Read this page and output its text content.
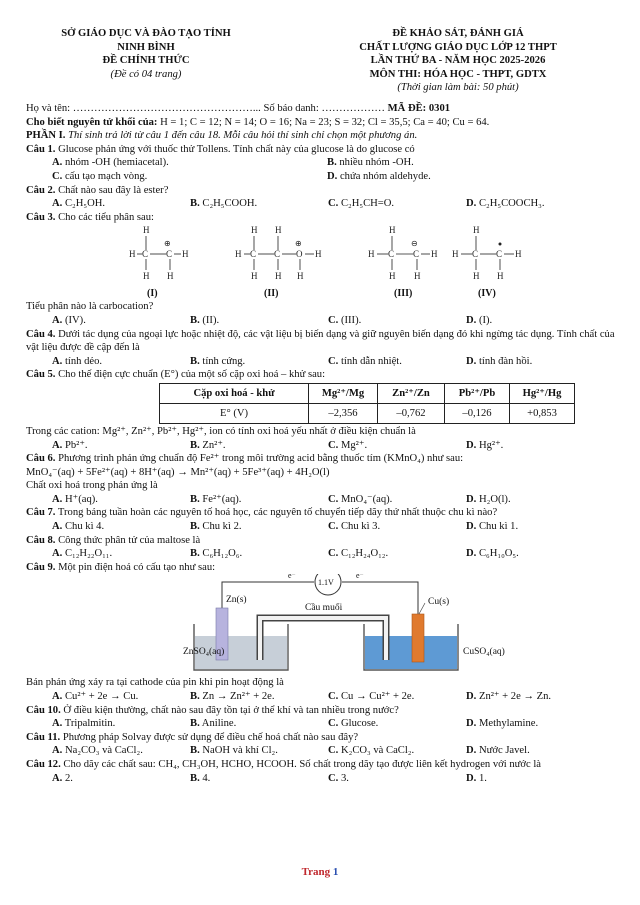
SỞ GIÁO DỤC VÀ ĐÀO TẠO TỈNH
NINH BÌNH
ĐỀ CHÍNH THỨC
(Đề có 04 trang)
ĐỀ KHẢO SÁT, ĐÁNH GIÁ
CHẤT LƯỢNG GIÁO DỤC LỚP 12 THPT
LẦN THỨ BA - NĂM HỌC 2025-2026
MÔN THI: HÓA HỌC - THPT, GDTX
(Thời gian làm bài: 50 phút)
Họ và tên: ……………………………………………... Số báo danh: ……………… MÃ ĐỀ: 0301
Cho biết nguyên tử khối của: H = 1; C = 12; N = 14; O = 16; Na = 23; S = 32; Cl = 35,5; Ca = 40; Cu = 64.
PHẦN I. Thí sinh trả lời từ câu 1 đến câu 18. Mỗi câu hỏi thí sinh chỉ chọn một phương án.
Câu 1. Glucose phản ứng với thuốc thử Tollens. Tính chất này của glucose là do glucose có
A. nhóm -OH (hemiacetal).	B. nhiều nhóm -OH.
C. cấu tạo mạch vòng.	D. chứa nhóm aldehyde.
Câu 2. Chất nào sau đây là ester?
A. C₂H₅OH.	B. C₂H₅COOH.	C. C₂H₅CH=O.	D. C₂H₅COOCH₃.
Câu 3. Cho các tiểu phân sau:
H
H C
⊕
C H
H H
H H
H C C
⊕
O H
H H H
H
H C
⊖
C H
H H
H
H C C H
H H
(I)	(II)	(III)	(IV)
Tiểu phân nào là carbocation?
A. (IV).	B. (II).	C. (III).	D. (I).
Câu 4. Dưới tác dụng của ngoại lực hoặc nhiệt độ, các vật liệu bị biến dạng và giữ nguyên biến dạng đó khi ngừng tác dụng. Tính chất của vật liệu được đề cập đến là
A. tính dẻo.	B. tính cứng.	C. tính dẫn nhiệt.	D. tính đàn hồi.
Câu 5. Cho thế điện cực chuẩn (E°) của một số cặp oxi hoá – khử sau:
Cặp oxi hoá - khử	Mg²⁺/Mg	Zn²⁺/Zn	Pb²⁺/Pb	Hg²⁺/Hg
E° (V)	–2,356	–0,762	–0,126	+0,853
Trong các cation: Mg²⁺, Zn²⁺, Pb²⁺, Hg²⁺, ion có tính oxi hoá yếu nhất ở điều kiện chuẩn là
A. Pb²⁺.	B. Zn²⁺.	C. Mg²⁺.	D. Hg²⁺.
Câu 6. Phương trình phản ứng chuẩn độ Fe²⁺ trong môi trường acid bằng thuốc tím (KMnO₄) như sau:
MnO₄⁻(aq) + 5Fe²⁺(aq) + 8H⁺(aq) → Mn²⁺(aq) + 5Fe³⁺(aq) + 4H₂O(l)
Chất oxi hoá trong phản ứng là
A. H⁺(aq).	B. Fe²⁺(aq).	C. MnO₄⁻(aq).	D. H₂O(l).
Câu 7. Trong bảng tuần hoàn các nguyên tố hoá học, các nguyên tố chuyển tiếp dãy thứ nhất thuộc chu kì nào?
A. Chu kì 4.	B. Chu kì 2.	C. Chu kì 3.	D. Chu kì 1.
Câu 8. Công thức phân tử của maltose là
A. C₁₂H₂₂O₁₁.	B. C₆H₁₂O₆.	C. C₁₂H₂₄O₁₂.	D. C₆H₁₀O₅.
Câu 9. Một pin điện hoá có cấu tạo như sau:
1.1V
e⁻	e⁻
Zn(s)
Cầu muối
Cu(s)
ZnSO₄(aq)	CuSO₄(aq)
Bán phản ứng xảy ra tại cathode của pin khi pin hoạt động là
A. Cu²⁺ + 2e → Cu.	B. Zn → Zn²⁺ + 2e.	C. Cu → Cu²⁺ + 2e.	D. Zn²⁺ + 2e → Zn.
Câu 10. Ở điều kiện thường, chất nào sau đây tồn tại ở thể khí và tan nhiều trong nước?
A. Tripalmitin.	B. Aniline.	C. Glucose.	D. Methylamine.
Câu 11. Phương pháp Solvay được sử dụng để điều chế hoá chất nào sau đây?
A. Na₂CO₃ và CaCl₂.	B. NaOH và khí Cl₂.	C. K₂CO₃ và CaCl₂.	D. Nước Javel.
Câu 12. Cho dãy các chất sau: CH₄, CH₃OH, HCHO, HCOOH. Số chất trong dãy tạo được liên kết hydrogen với nước là
A. 2.	B. 4.	C. 3.	D. 1.
Trang 1
